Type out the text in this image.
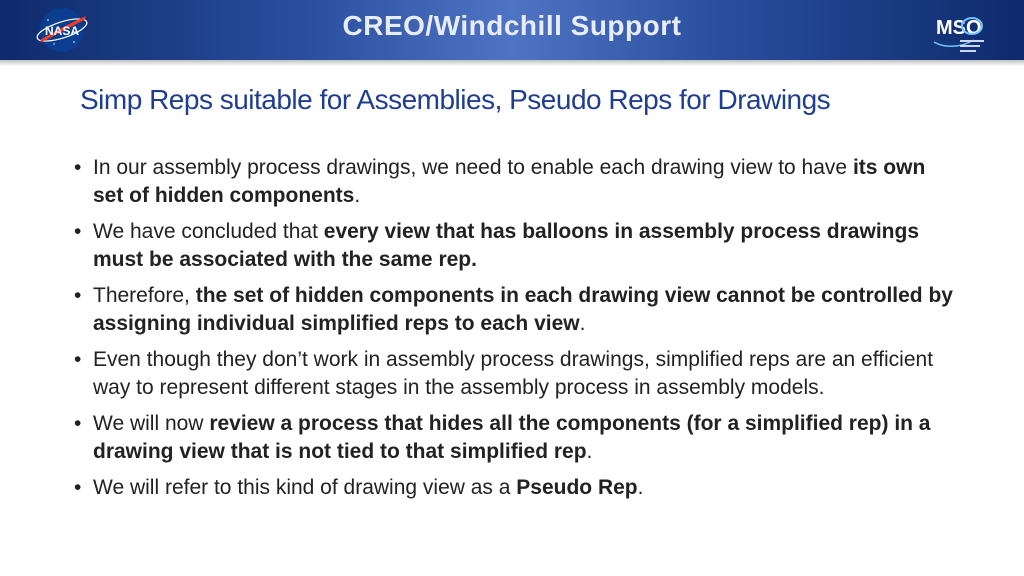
NASA	CREO/Windchill Support	MSO
Simp Reps suitable for Assemblies, Pseudo Reps for Drawings
• In our assembly process drawings, we need to enable each drawing view to have its own set of hidden components.
• We have concluded that every view that has balloons in assembly process drawings must be associated with the same rep.
• Therefore, the set of hidden components in each drawing view cannot be controlled by assigning individual simplified reps to each view.
• Even though they don’t work in assembly process drawings, simplified reps are an efficient way to represent different stages in the assembly process in assembly models.
• We will now review a process that hides all the components (for a simplified rep) in a drawing view that is not tied to that simplified rep.
• We will refer to this kind of drawing view as a Pseudo Rep.
